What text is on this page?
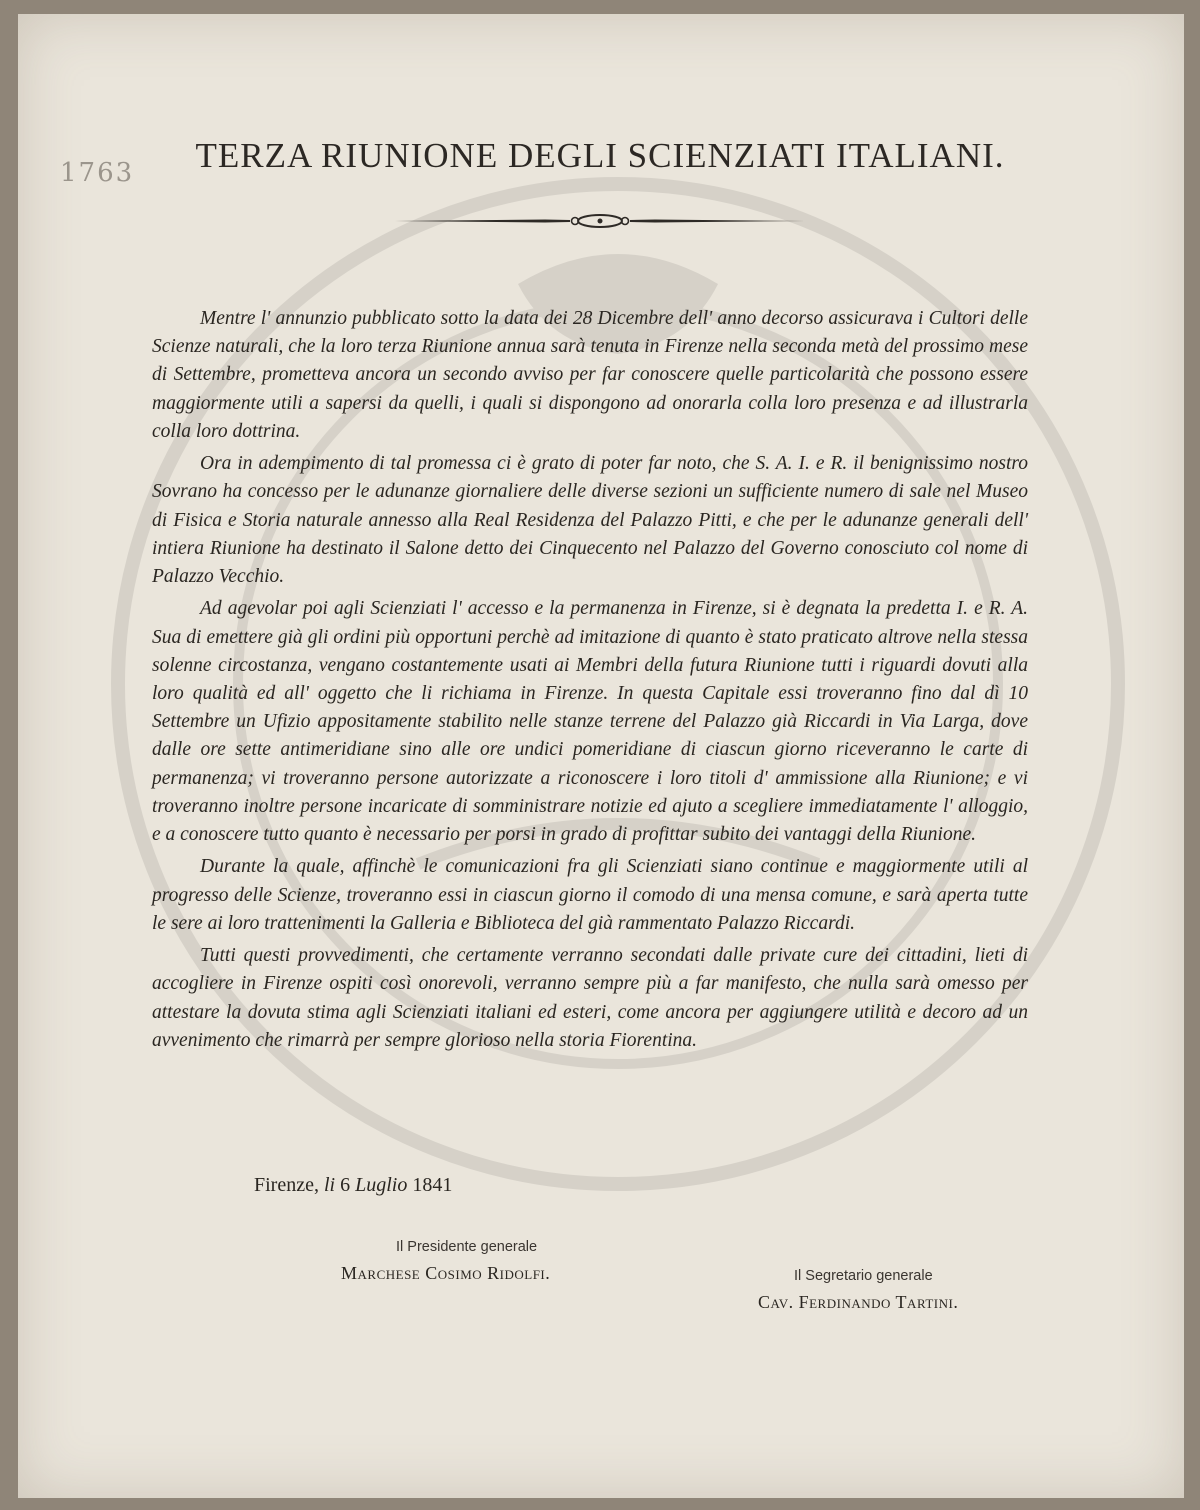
1763	TERZA RIUNIONE DEGLI SCIENZIATI ITALIANI.

Mentre l' annunzio pubblicato sotto la data dei 28 Dicembre dell' anno decorso assicurava i Cultori delle Scienze naturali, che la loro terza Riunione annua sarà tenuta in Firenze nella seconda metà del prossimo mese di Settembre, prometteva ancora un secondo avviso per far conoscere quelle particolarità che possono essere maggiormente utili a sapersi da quelli, i quali si dispongono ad onorarla colla loro presenza e ad illustrarla colla loro dottrina.

Ora in adempimento di tal promessa ci è grato di poter far noto, che S. A. I. e R. il benignissimo nostro Sovrano ha concesso per le adunanze giornaliere delle diverse sezioni un sufficiente numero di sale nel Museo di Fisica e Storia naturale annesso alla Real Residenza del Palazzo Pitti, e che per le adunanze generali dell' intiera Riunione ha destinato il Salone detto dei Cinquecento nel Palazzo del Governo conosciuto col nome di Palazzo Vecchio.

Ad agevolar poi agli Scienziati l' accesso e la permanenza in Firenze, si è degnata la predetta I. e R. A. Sua di emettere già gli ordini più opportuni perchè ad imitazione di quanto è stato praticato altrove nella stessa solenne circostanza, vengano costantemente usati ai Membri della futura Riunione tutti i riguardi dovuti alla loro qualità ed all' oggetto che li richiama in Firenze. In questa Capitale essi troveranno fino dal dì 10 Settembre un Ufizio appositamente stabilito nelle stanze terrene del Palazzo già Riccardi in Via Larga, dove dalle ore sette antimeridiane sino alle ore undici pomeridiane di ciascun giorno riceveranno le carte di permanenza; vi troveranno persone autorizzate a riconoscere i loro titoli d' ammissione alla Riunione; e vi troveranno inoltre persone incaricate di somministrare notizie ed ajuto a scegliere immediatamente l' alloggio, e a conoscere tutto quanto è necessario per porsi in grado di profittar subito dei vantaggi della Riunione.

Durante la quale, affinchè le comunicazioni fra gli Scienziati siano continue e maggiormente utili al progresso delle Scienze, troveranno essi in ciascun giorno il comodo di una mensa comune, e sarà aperta tutte le sere ai loro trattenimenti la Galleria e Biblioteca del già rammentato Palazzo Riccardi.

Tutti questi provvedimenti, che certamente verranno secondati dalle private cure dei cittadini, lieti di accogliere in Firenze ospiti così onorevoli, verranno sempre più a far manifesto, che nulla sarà omesso per attestare la dovuta stima agli Scienziati italiani ed esteri, come ancora per aggiungere utilità e decoro ad un avvenimento che rimarrà per sempre glorioso nella storia Fiorentina.

Firenze, li 6 Luglio 1841
Il Presidente generale
Marchese Cosimo Ridolfi.	Il Segretario generale
Cav. Ferdinando Tartini.
